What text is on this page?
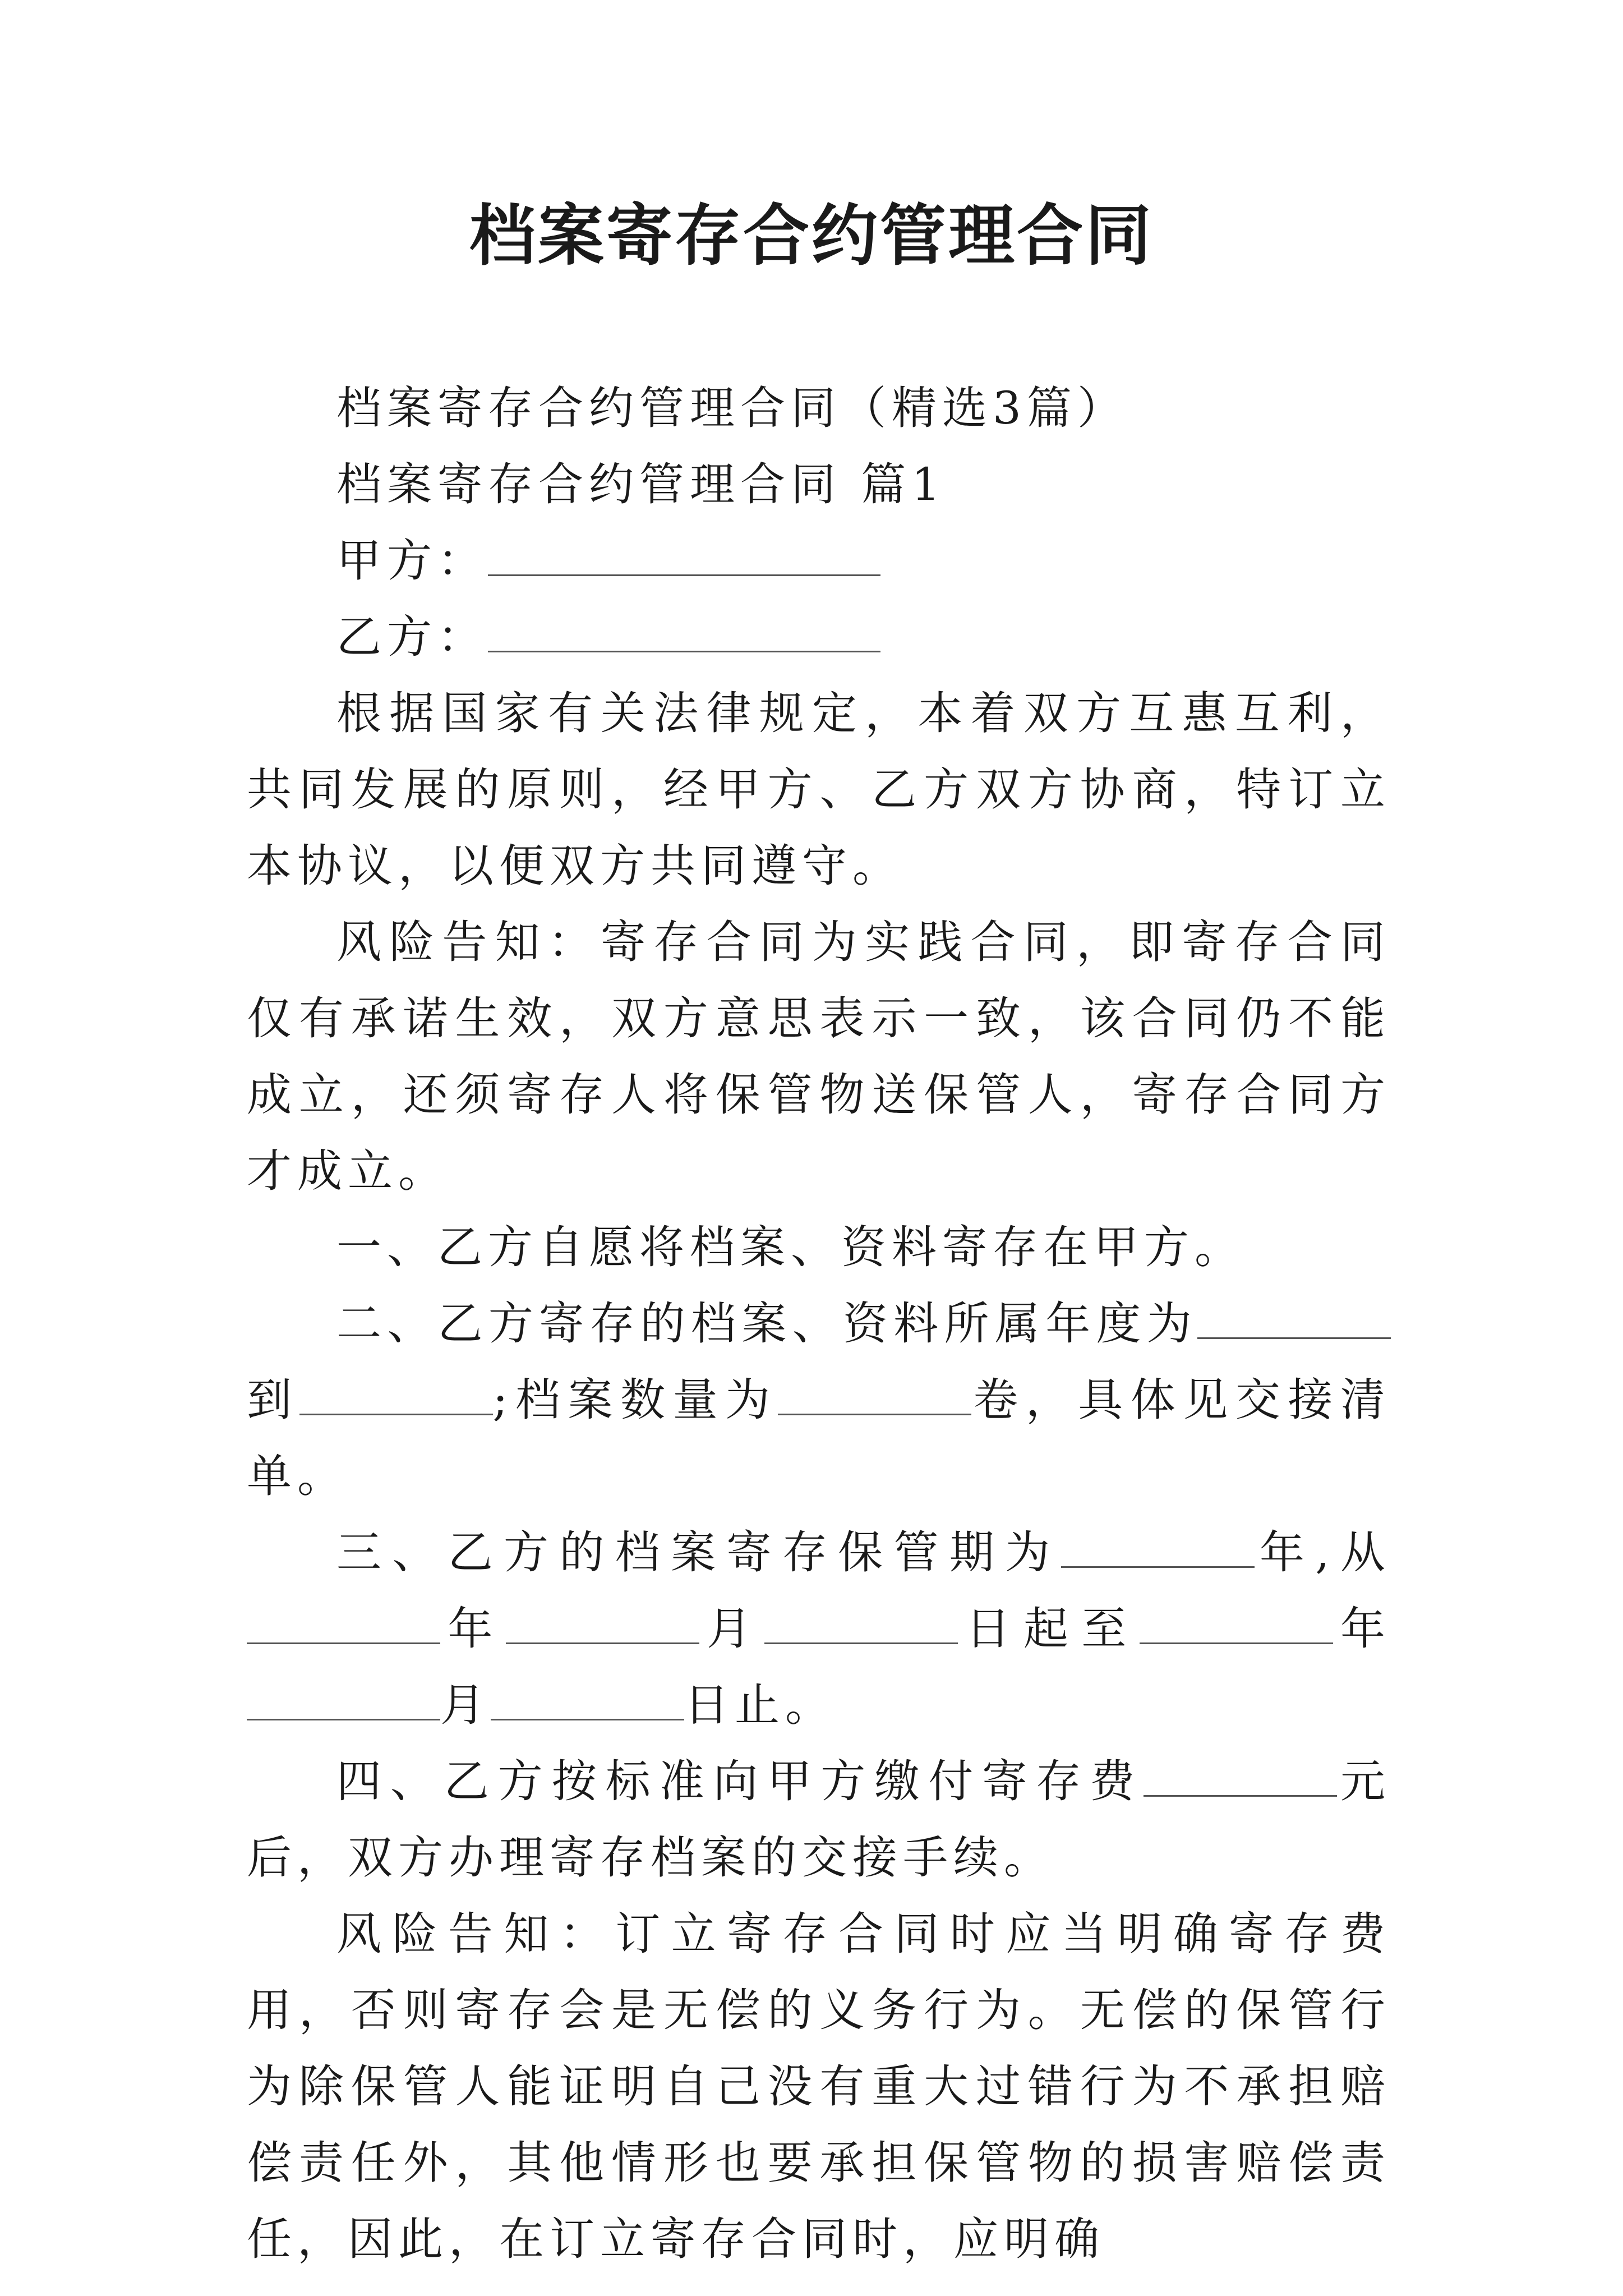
档案寄存合约管理合同

档案寄存合约管理合同（精选3篇）

档案寄存合约管理合同 篇1

甲方：

乙方：

根据国家有关法律规定，本着双方互惠互利，共同发展的原则，经甲方、乙方双方协商，特订立本协议，以便双方共同遵守。

风险告知：寄存合同为实践合同，即寄存合同仅有承诺生效，双方意思表示一致，该合同仍不能成立，还须寄存人将保管物送保管人，寄存合同方才成立。

一、乙方自愿将档案、资料寄存在甲方。

二、乙方寄存的档案、资料所属年度为到	;档案数量为	卷，具体见交接清单。

三、乙方的档案寄存保管期为	年,从年	月	日起至	年月	日止。

四、乙方按标准向甲方缴付寄存费	元后，双方办理寄存档案的交接手续。

风险告知：订立寄存合同时应当明确寄存费用，否则寄存会是无偿的义务行为。无偿的保管行为除保管人能证明自己没有重大过错行为不承担赔偿责任外，其他情形也要承担保管物的损害赔偿责任，因此，在订立寄存合同时，应明确
